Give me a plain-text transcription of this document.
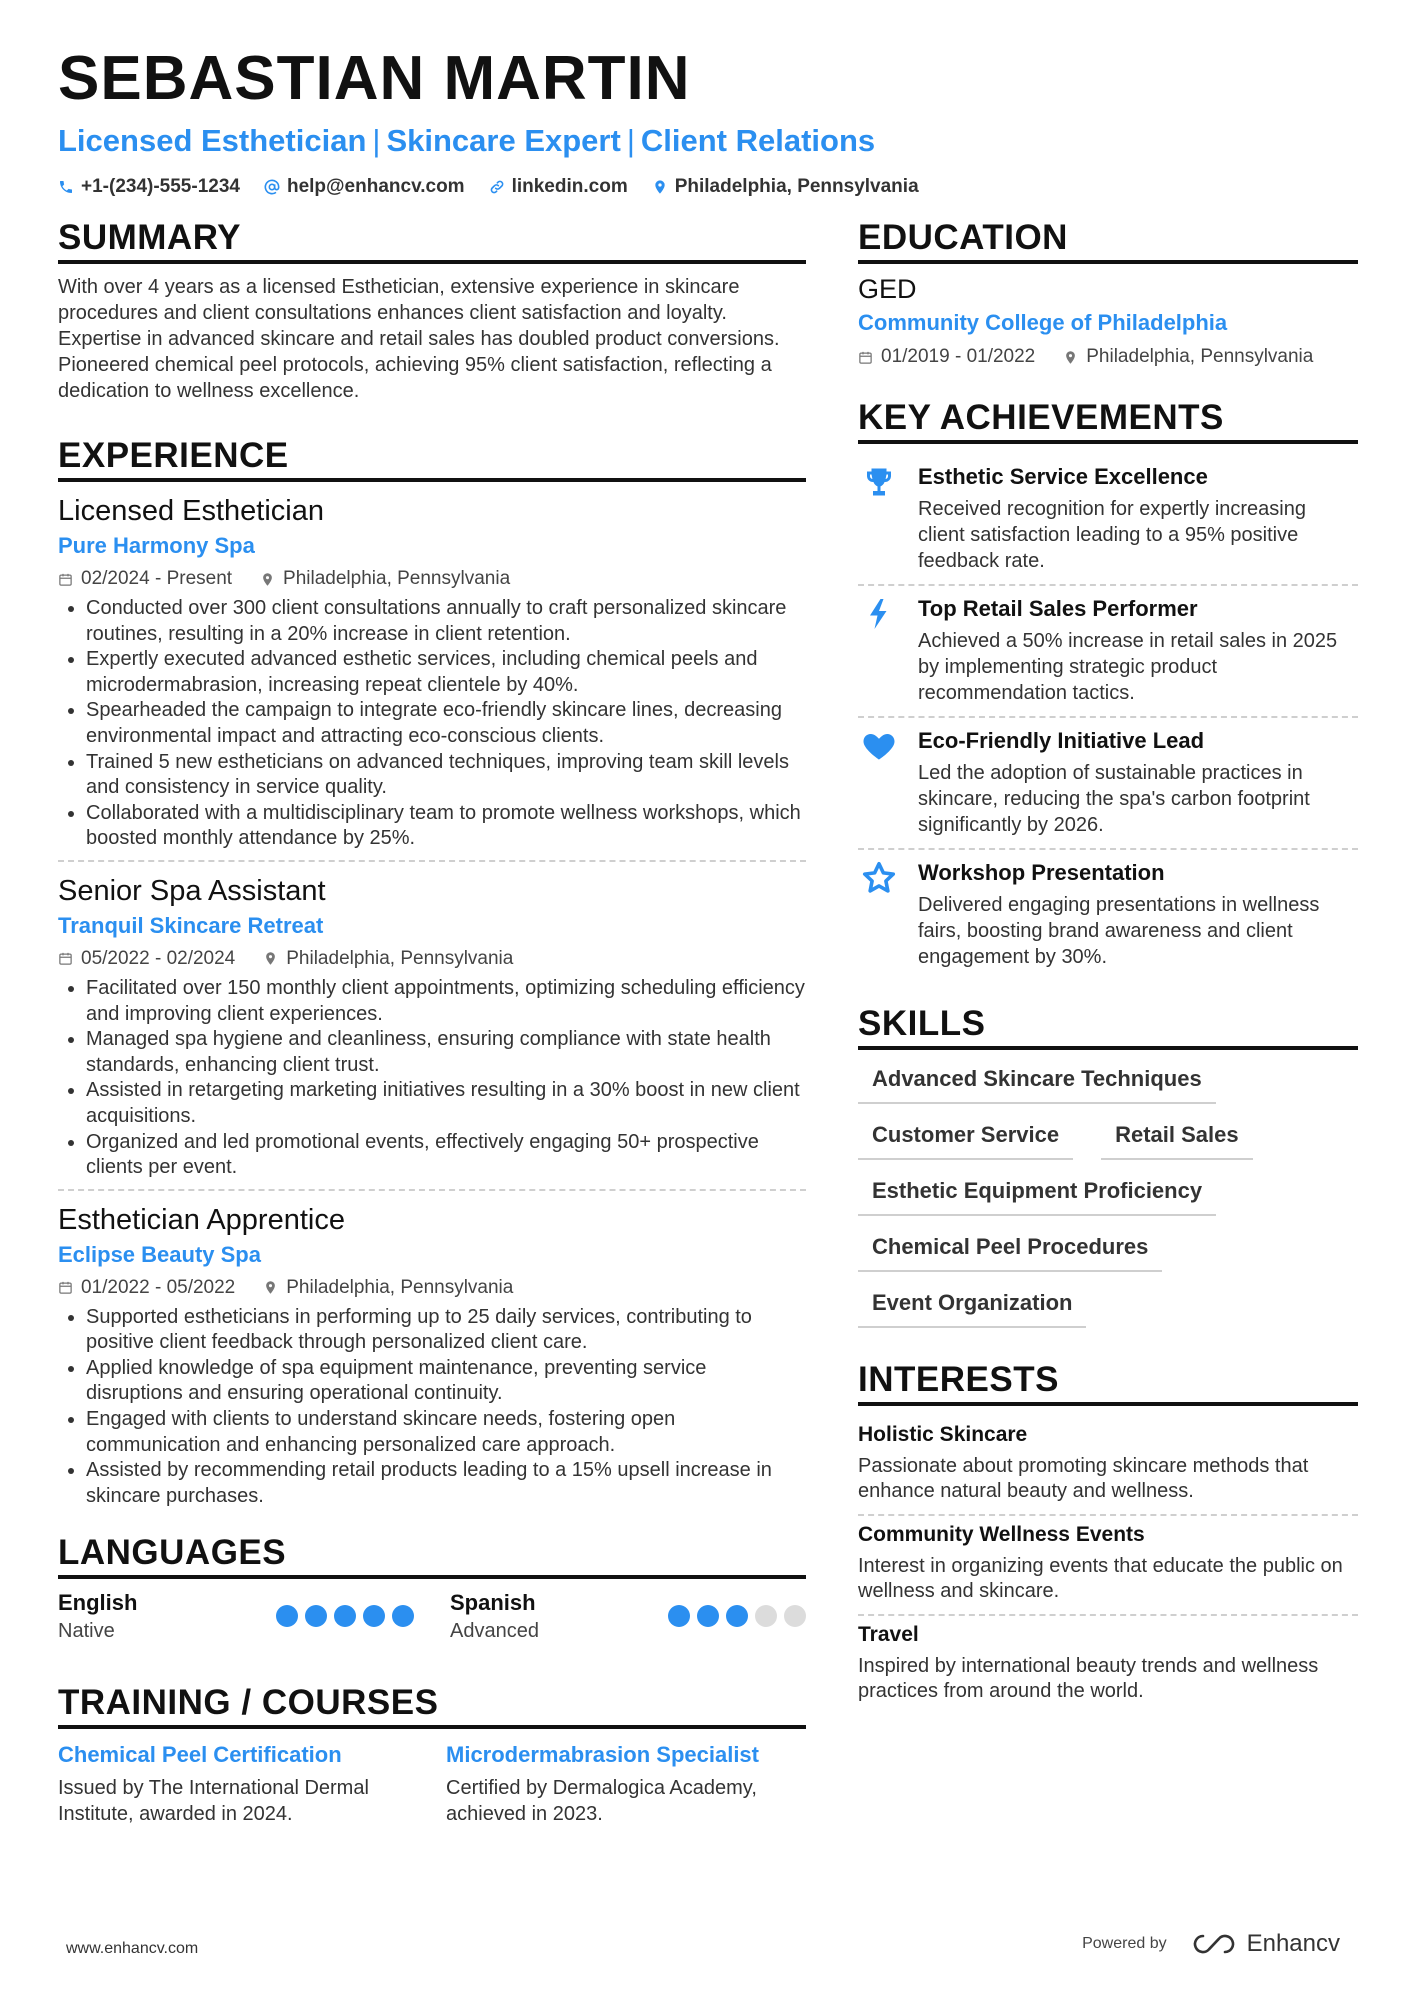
SEBASTIAN MARTIN
Licensed Esthetician | Skincare Expert | Client Relations
+1-(234)-555-1234 help@enhancv.com linkedin.com Philadelphia, Pennsylvania
SUMMARY

With over 4 years as a licensed Esthetician, extensive experience in skincare procedures and client consultations enhances client satisfaction and loyalty. Expertise in advanced skincare and retail sales has doubled product conversions. Pioneered chemical peel protocols, achieving 95% client satisfaction, reflecting a dedication to wellness excellence.

EXPERIENCE
Licensed Esthetician
Pure Harmony Spa
02/2024 - Present	Philadelphia, Pennsylvania
• Conducted over 300 client consultations annually to craft personalized skincare routines, resulting in a 20% increase in client retention.
• Expertly executed advanced esthetic services, including chemical peels and microdermabrasion, increasing repeat clientele by 40%.
• Spearheaded the campaign to integrate eco-friendly skincare lines, decreasing environmental impact and attracting eco-conscious clients.
• Trained 5 new estheticians on advanced techniques, improving team skill levels and consistency in service quality.
• Collaborated with a multidisciplinary team to promote wellness workshops, which boosted monthly attendance by 25%.
Senior Spa Assistant
Tranquil Skincare Retreat
05/2022 - 02/2024	Philadelphia, Pennsylvania
• Facilitated over 150 monthly client appointments, optimizing scheduling efficiency and improving client experiences.
• Managed spa hygiene and cleanliness, ensuring compliance with state health standards, enhancing client trust.
• Assisted in retargeting marketing initiatives resulting in a 30% boost in new client acquisitions.
• Organized and led promotional events, effectively engaging 50+ prospective clients per event.
Esthetician Apprentice
Eclipse Beauty Spa
01/2022 - 05/2022	Philadelphia, Pennsylvania
• Supported estheticians in performing up to 25 daily services, contributing to positive client feedback through personalized client care.
• Applied knowledge of spa equipment maintenance, preventing service disruptions and ensuring operational continuity.
• Engaged with clients to understand skincare needs, fostering open communication and enhancing personalized care approach.
• Assisted by recommending retail products leading to a 15% upsell increase in skincare purchases.
LANGUAGES
English
Native
Spanish
Advanced
TRAINING / COURSES
Chemical Peel Certification
Issued by The International Dermal Institute, awarded in 2024.
Microdermabrasion Specialist
Certified by Dermalogica Academy, achieved in 2023.
EDUCATION
GED
Community College of Philadelphia
01/2019 - 01/2022	Philadelphia, Pennsylvania
KEY ACHIEVEMENTS
Esthetic Service Excellence
Received recognition for expertly increasing client satisfaction leading to a 95% positive feedback rate.
Top Retail Sales Performer
Achieved a 50% increase in retail sales in 2025 by implementing strategic product recommendation tactics.
Eco-Friendly Initiative Lead
Led the adoption of sustainable practices in skincare, reducing the spa's carbon footprint significantly by 2026.
Workshop Presentation
Delivered engaging presentations in wellness fairs, boosting brand awareness and client engagement by 30%.
SKILLS
Advanced Skincare Techniques
Customer Service	Retail Sales
Esthetic Equipment Proficiency
Chemical Peel Procedures
Event Organization
INTERESTS
Holistic Skincare
Passionate about promoting skincare methods that enhance natural beauty and wellness.
Community Wellness Events
Interest in organizing events that educate the public on wellness and skincare.
Travel
Inspired by international beauty trends and wellness practices from around the world.
www.enhancv.com	Powered by	Enhancv
